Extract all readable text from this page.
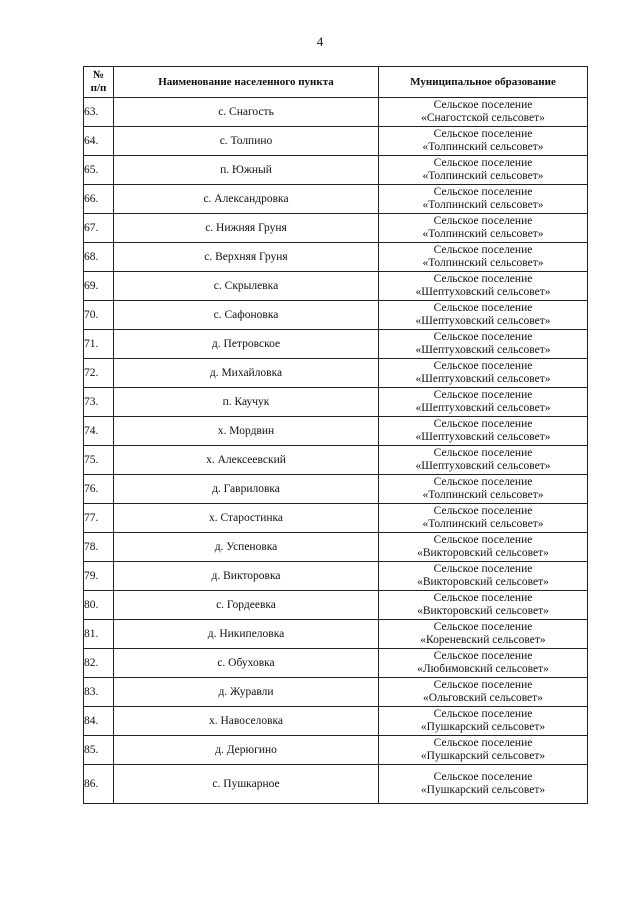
4
№
п/п	Наименование населенного пункта	Муниципальное образование
63.	с. Снагость	Сельское поселение
«Снагостской сельсовет»

64.	с. Толпино	Сельское поселение
«Толпинский сельсовет»

65.	п. Южный	Сельское поселение
«Толпинский сельсовет»

66.	с. Александровка	Сельское поселение
«Толпинский сельсовет»

67.	с. Нижняя Груня	Сельское поселение
«Толпинский сельсовет»

68.	с. Верхняя Груня	Сельское поселение
«Толпинский сельсовет»

69.	с. Скрылевка	Сельское поселение
«Шептуховский сельсовет»

70.	с. Сафоновка	Сельское поселение
«Шептуховский сельсовет»

71.	д. Петровское	Сельское поселение
«Шептуховский сельсовет»

72.	д. Михайловка	Сельское поселение
«Шептуховский сельсовет»

73.	п. Каучук	Сельское поселение
«Шептуховский сельсовет»

74.	х. Мордвин	Сельское поселение
«Шептуховский сельсовет»

75.	х. Алексеевский	Сельское поселение
«Шептуховский сельсовет»

76.	д. Гавриловка	Сельское поселение
«Толпинский сельсовет»

77.	х. Старостинка	Сельское поселение
«Толпинский сельсовет»

78.	д. Успеновка	Сельское поселение
«Викторовский сельсовет»

79.	д. Викторовка	Сельское поселение
«Викторовский сельсовет»

80.	с. Гордеевка	Сельское поселение
«Викторовский сельсовет»

81.	д. Никипеловка	Сельское поселение
«Кореневский сельсовет»

82.	с. Обуховка	Сельское поселение
«Любимовский сельсовет»

83.	д. Журавли	Сельское поселение
«Ольговский сельсовет»

84.	х. Навоселовка	Сельское поселение
«Пушкарский сельсовет»

85.	д. Дерюгино	Сельское поселение
«Пушкарский сельсовет»

86.	с. Пушкарное	Сельское поселение
«Пушкарский сельсовет»
